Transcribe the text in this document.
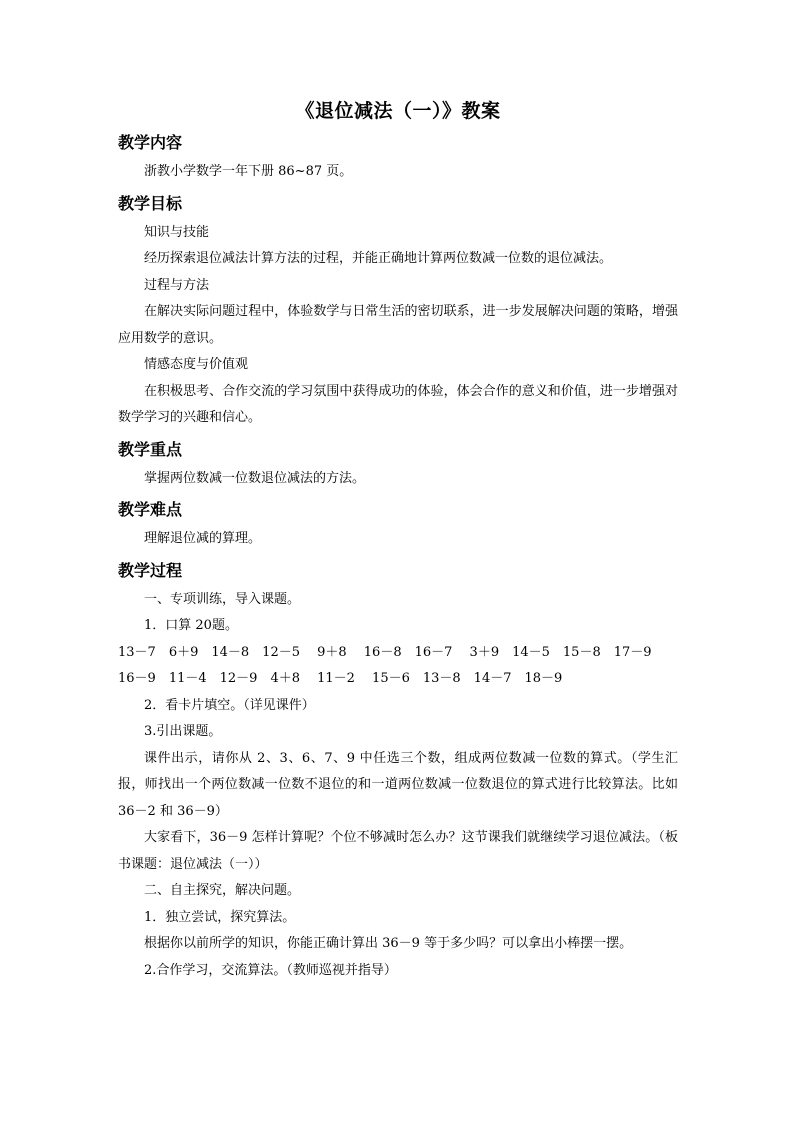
《退位减法（一）》教案
教学内容

浙教小学数学一年下册 86~87 页。

教学目标

知识与技能

经历探索退位减法计算方法的过程，并能正确地计算两位数减一位数的退位减法。

过程与方法

在解决实际问题过程中，体验数学与日常生活的密切联系，进一步发展解决问题的策略，增强应用数学的意识。

情感态度与价值观

在积极思考、合作交流的学习氛围中获得成功的体验，体会合作的意义和价值，进一步增强对数学学习的兴趣和信心。

教学重点

掌握两位数减一位数退位减法的方法。

教学难点

理解退位减的算理。

教学过程

一、专项训练，导入课题。

1．口算 20题。

13－7　6＋9　14－8　12－5　 9＋8　 16－8　16－7　 3＋9　14－5　15－8　17－9

16－9　11－4　12－9　4＋8　 11－2　 15－6　13－8　14－7　18－9

2．看卡片填空。（详见课件）

3.引出课题。

课件出示，请你从 2、3、6、7、9 中任选三个数，组成两位数减一位数的算式。（学生汇报，师找出一个两位数减一位数不退位的和一道两位数减一位数退位的算式进行比较算法。比如 36－2 和 36－9）

大家看下，36－9 怎样计算呢？个位不够减时怎么办？这节课我们就继续学习退位减法。（板书课题：退位减法（一））

二、自主探究，解决问题。

1．独立尝试，探究算法。

根据你以前所学的知识，你能正确计算出 36－9 等于多少吗？可以拿出小棒摆一摆。

2.合作学习，交流算法。（教师巡视并指导）
